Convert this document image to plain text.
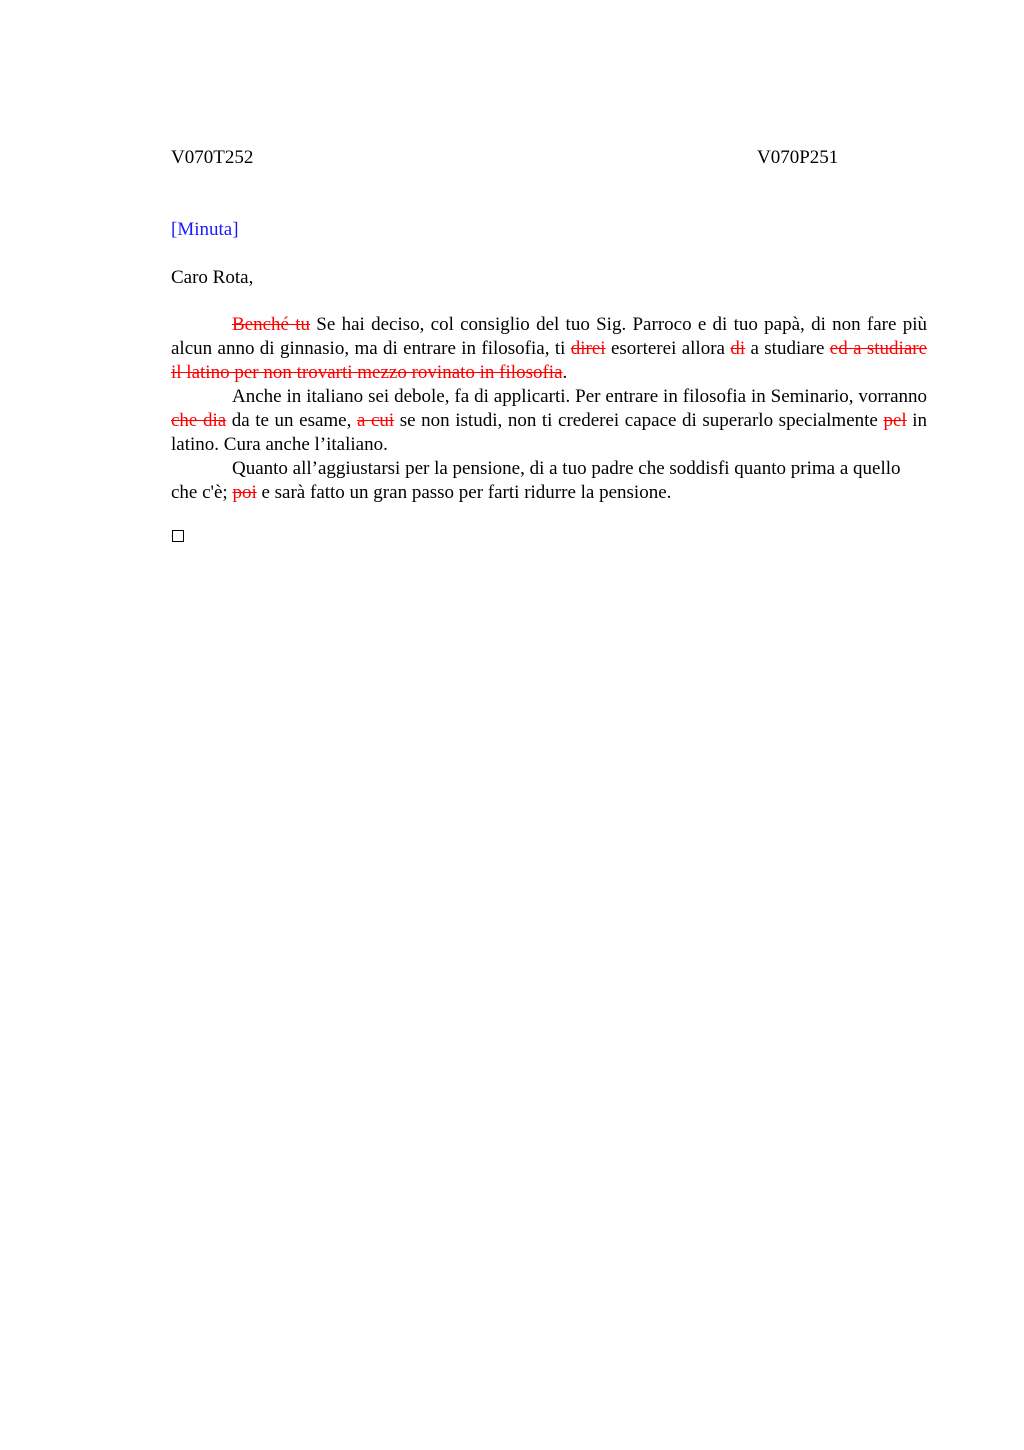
V070T252	V070P251
[Minuta]
Caro Rota,

Benché tu Se hai deciso, col consiglio del tuo Sig. Parroco e di tuo papà, di non fare più alcun anno di ginnasio, ma di entrare in filosofia, ti direi esorterei allora di a studiare ed a studiare il latino per non trovarti mezzo rovinato in filosofia.

Anche in italiano sei debole, fa di applicarti. Per entrare in filosofia in Seminario, vorranno che dia da te un esame, a cui se non istudi, non ti crederei capace di superarlo specialmente pel in latino. Cura anche l’italiano.

Quanto all’aggiustarsi per la pensione, di a tuo padre che soddisfi quanto prima a quello che c'è; poi e sarà fatto un gran passo per farti ridurre la pensione.
